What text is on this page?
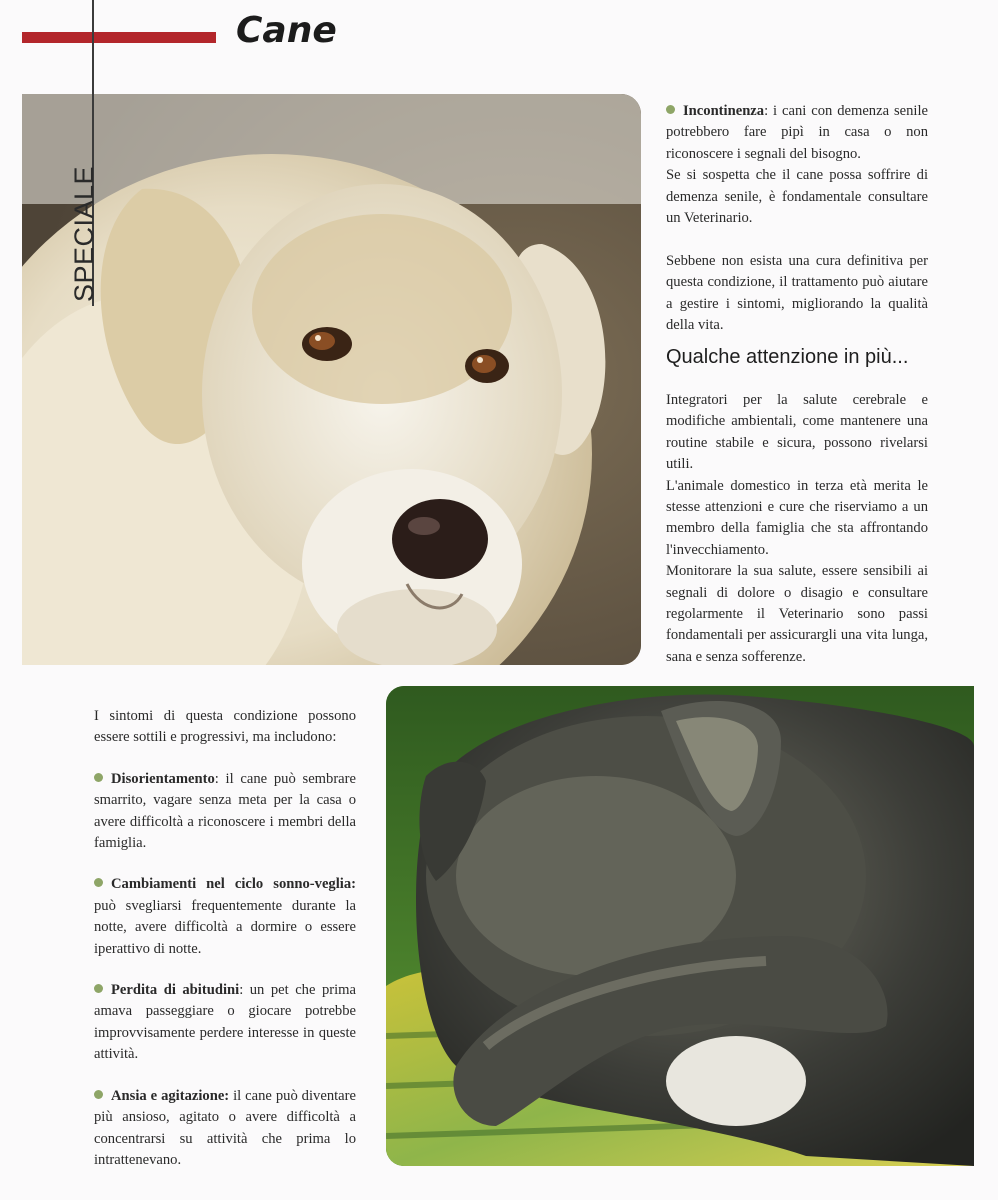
Cane
SPECIALE

Incontinenza: i cani con demenza senile potrebbero fare pipì in casa o non riconoscere i segnali del bisogno.

Se si sospetta che il cane possa soffrire di demenza senile, è fondamentale consultare un Veterinario.

Sebbene non esista una cura definitiva per questa condizione, il trattamento può aiutare a gestire i sintomi, migliorando la qualità della vita.

Qualche attenzione in più...

Integratori per la salute cerebrale e modifiche ambientali, come mantenere una routine stabile e sicura, possono rivelarsi utili.

L'animale domestico in terza età merita le stesse attenzioni e cure che riserviamo a un membro della famiglia che sta affrontando l'invecchiamento.

Monitorare la sua salute, essere sensibili ai segnali di dolore o disagio e consultare regolarmente il Veterinario sono passi fondamentali per assicurargli una vita lunga, sana e senza sofferenze.

I sintomi di questa condizione possono essere sottili e progressivi, ma includono:

Disorientamento: il cane può sembrare smarrito, vagare senza meta per la casa o avere difficoltà a riconoscere i membri della famiglia.

Cambiamenti nel ciclo sonno-veglia: può svegliarsi frequentemente durante la notte, avere difficoltà a dormire o essere iperattivo di notte.

Perdita di abitudini: un pet che prima amava passeggiare o giocare potrebbe improvvisamente perdere interesse in queste attività.

Ansia e agitazione: il cane può diventare più ansioso, agitato o avere difficoltà a concentrarsi su attività che prima lo intrattenevano.
